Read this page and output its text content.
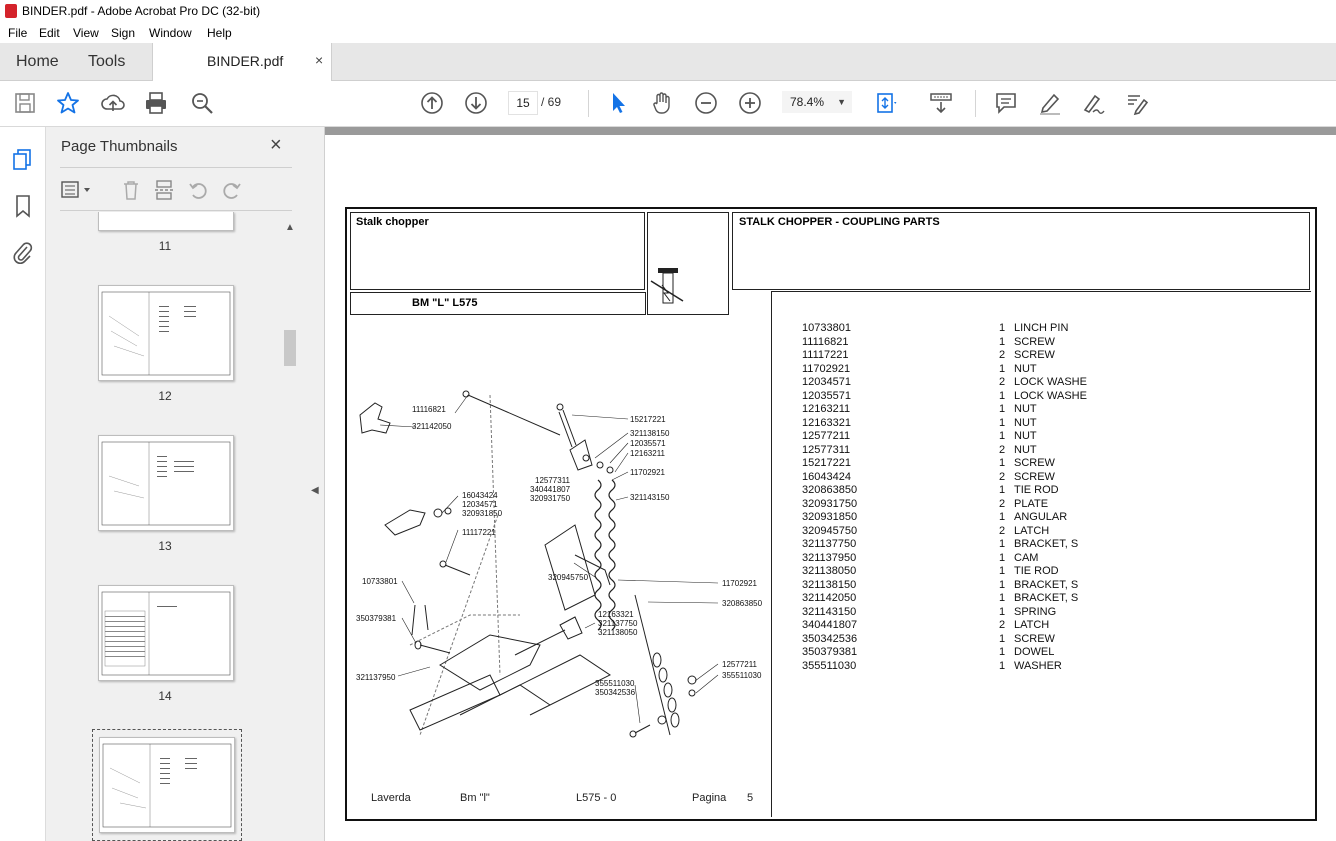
BINDER.pdf - Adobe Acrobat Pro DC (32-bit)
File Edit View Sign Window Help
Home Tools	BINDER.pdf ×
15 / 69	78.4% ▼
Page Thumbnails	×
11
12
13
14
▲
◀
Stalk chopper
BM "L" L575
STALK CHOPPER - COUPLING PARTS
11116821
321142050
15217221
321138150
12035571
12163211
11702921
12577311
340441807
320931750	321143150
16043424
12034571
320931850
11117221
10733801	320945750
11702921
320863850
350379381	12163321
321137750
321138050
12577211
355511030
321137950
355511030
350342536
10733801	1 LINCH PIN
11116821	1 SCREW
11117221	2 SCREW
11702921	1 NUT
12034571	2 LOCK WASHE
12035571	1 LOCK WASHE
12163211	1 NUT
12163321	1 NUT
12577211	1 NUT
12577311	2 NUT
15217221	1 SCREW
16043424	2 SCREW
320863850	1 TIE ROD
320931750	2 PLATE
320931850	1 ANGULAR
320945750	2 LATCH
321137750	1 BRACKET, S
321137950	1 CAM
321138050	1 TIE ROD
321138150	1 BRACKET, S
321142050	1 BRACKET, S
321143150	1 SPRING
340441807	2 LATCH
350342536	1 SCREW
350379381	1 DOWEL
355511030	1 WASHER
Laverda	Bm "l"	L575 - 0	Pagina 5
